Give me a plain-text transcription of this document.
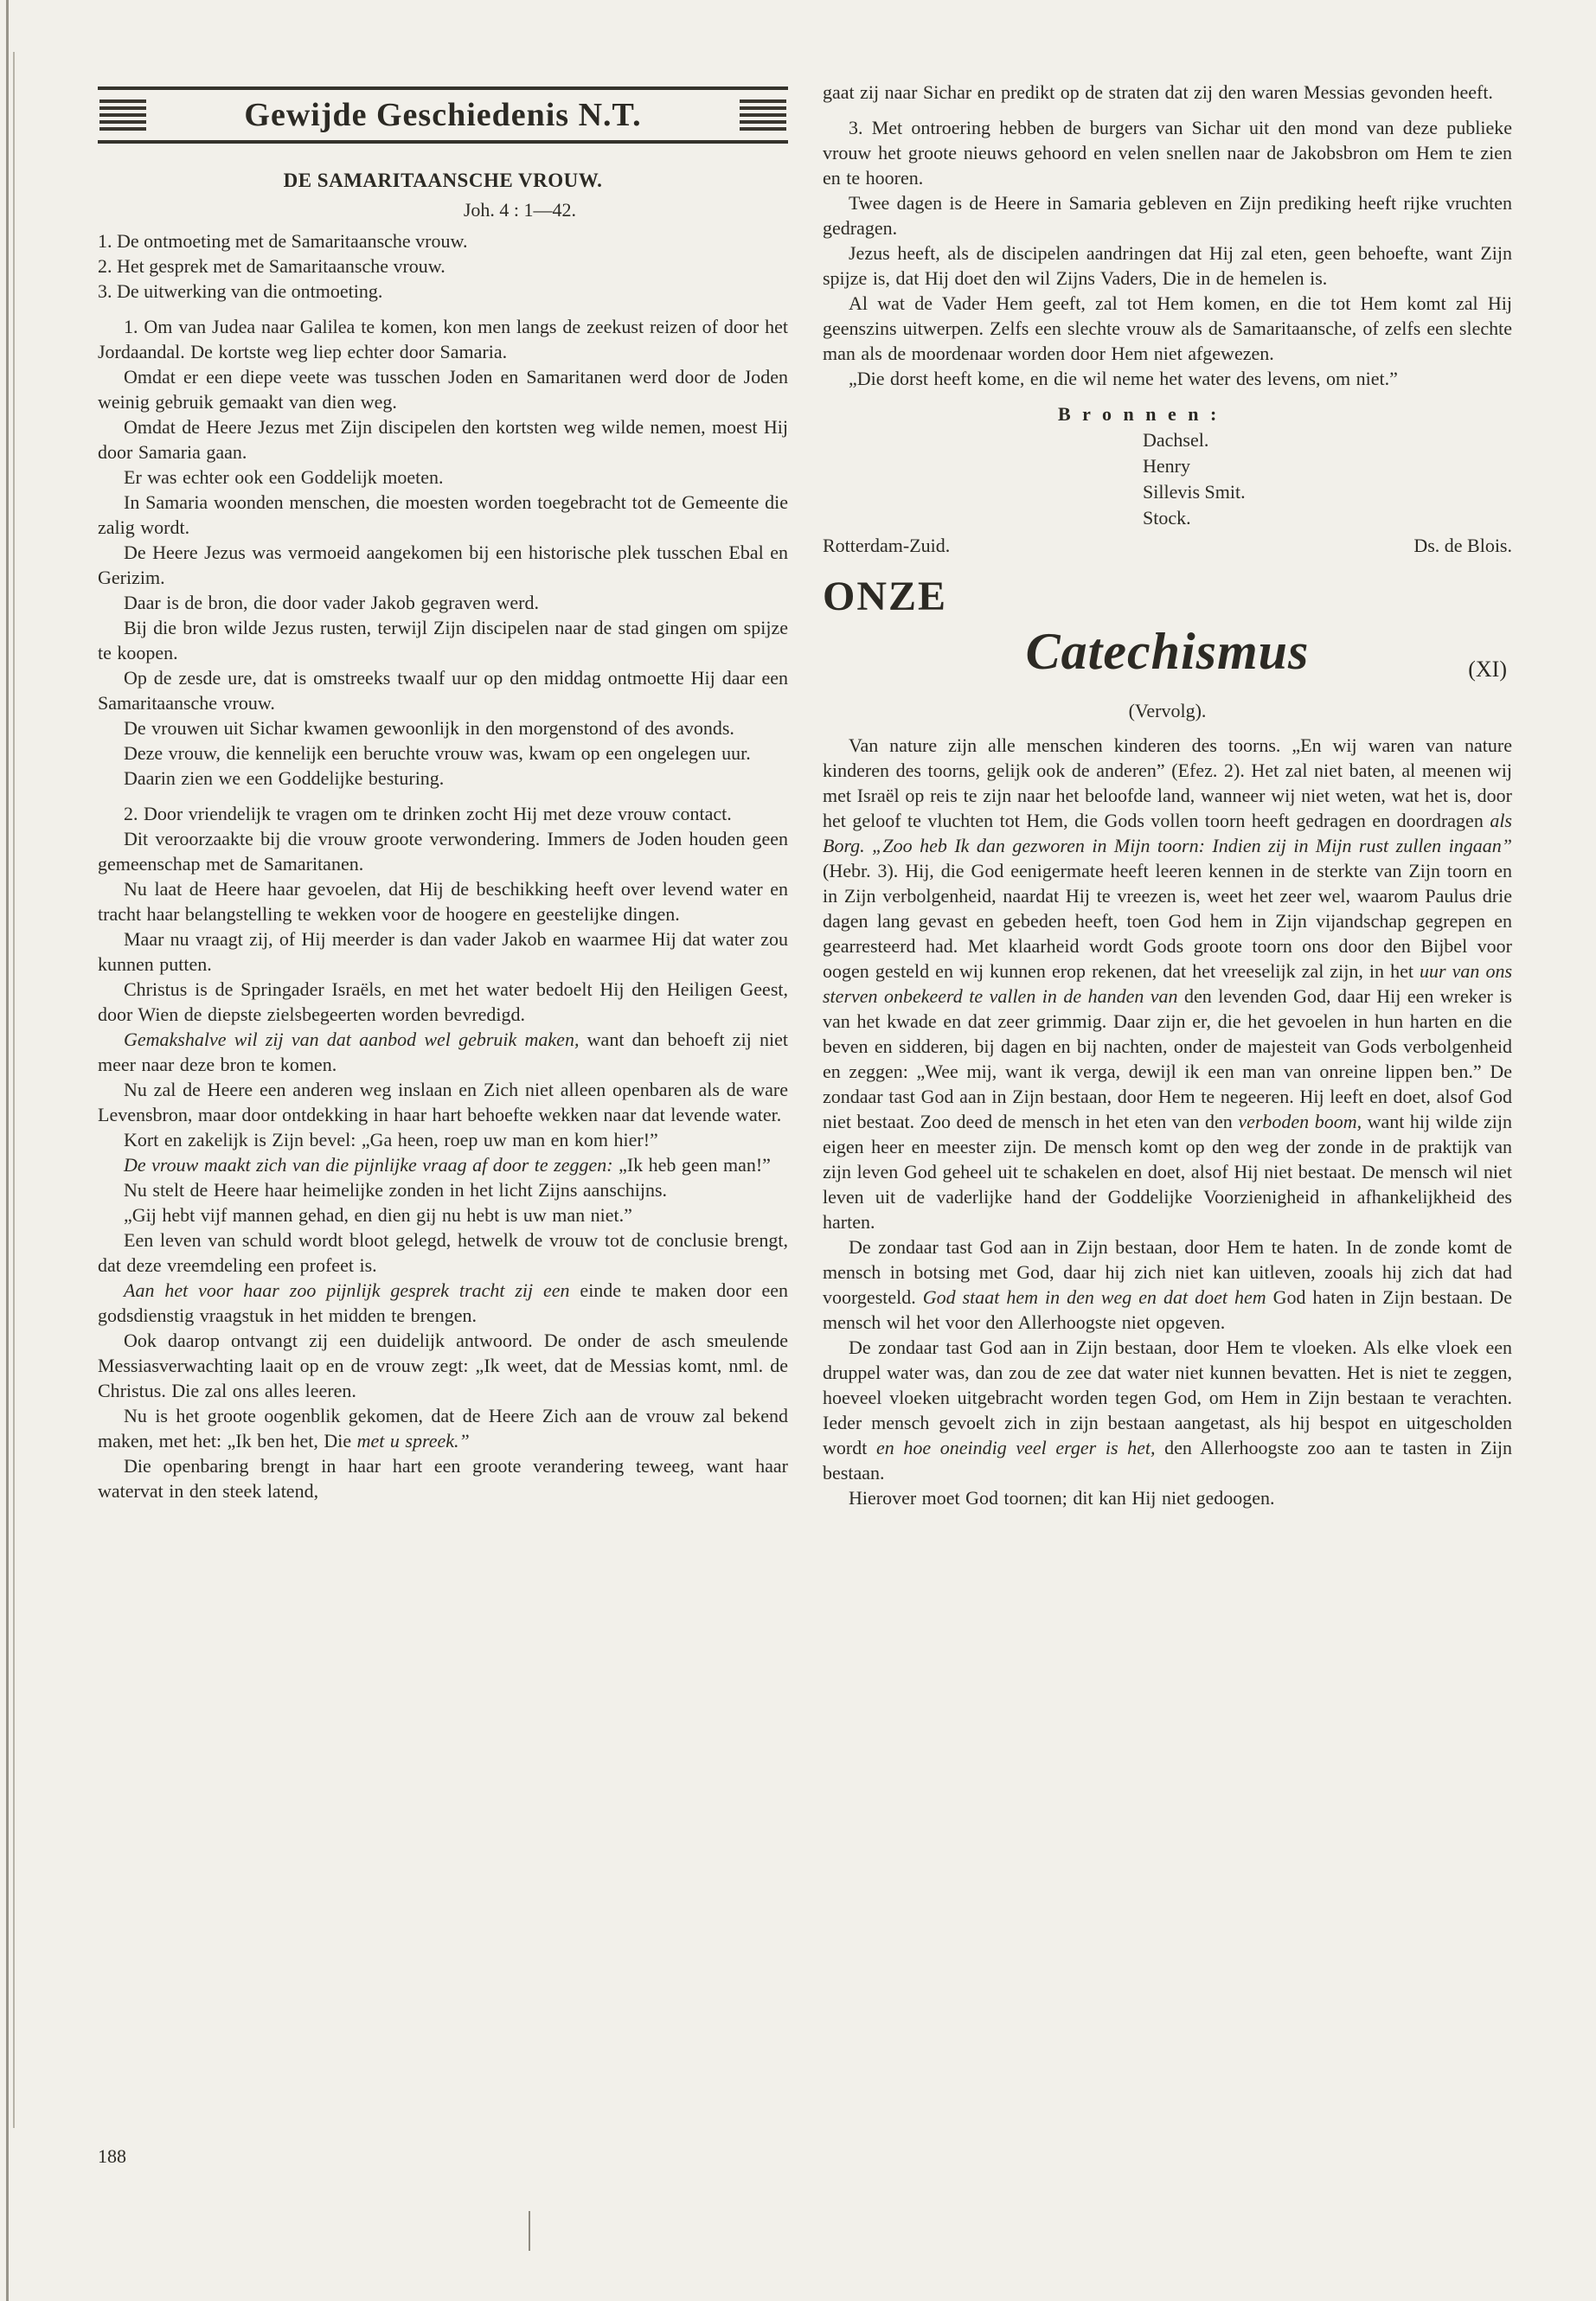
Gewijde Geschiedenis N.T.
DE SAMARITAANSCHE VROUW.
Joh. 4 : 1—42.

1. De ontmoeting met de Samaritaansche vrouw.

2. Het gesprek met de Samaritaansche vrouw.

3. De uitwerking van die ontmoeting.

1. Om van Judea naar Galilea te komen, kon men langs de zeekust reizen of door het Jordaandal. De kortste weg liep echter door Samaria.

Omdat er een diepe veete was tusschen Joden en Samaritanen werd door de Joden weinig gebruik gemaakt van dien weg.

Omdat de Heere Jezus met Zijn discipelen den kortsten weg wilde nemen, moest Hij door Samaria gaan.

Er was echter ook een Goddelijk moeten.

In Samaria woonden menschen, die moesten worden toegebracht tot de Gemeente die zalig wordt.

De Heere Jezus was vermoeid aangekomen bij een historische plek tusschen Ebal en Gerizim.

Daar is de bron, die door vader Jakob gegraven werd.

Bij die bron wilde Jezus rusten, terwijl Zijn discipelen naar de stad gingen om spijze te koopen.

Op de zesde ure, dat is omstreeks twaalf uur op den middag ontmoette Hij daar een Samaritaansche vrouw.

De vrouwen uit Sichar kwamen gewoonlijk in den morgenstond of des avonds.

Deze vrouw, die kennelijk een beruchte vrouw was, kwam op een ongelegen uur.

Daarin zien we een Goddelijke besturing.

2. Door vriendelijk te vragen om te drinken zocht Hij met deze vrouw contact.

Dit veroorzaakte bij die vrouw groote verwondering. Immers de Joden houden geen gemeenschap met de Samaritanen.

Nu laat de Heere haar gevoelen, dat Hij de beschikking heeft over levend water en tracht haar belangstelling te wekken voor de hoogere en geestelijke dingen.

Maar nu vraagt zij, of Hij meerder is dan vader Jakob en waarmee Hij dat water zou kunnen putten.

Christus is de Springader Israëls, en met het water bedoelt Hij den Heiligen Geest, door Wien de diepste zielsbegeerten worden bevredigd.

Gemakshalve wil zij van dat aanbod wel gebruik maken, want dan behoeft zij niet meer naar deze bron te komen.

Nu zal de Heere een anderen weg inslaan en Zich niet alleen openbaren als de ware Levensbron, maar door ontdekking in haar hart behoefte wekken naar dat levende water.

Kort en zakelijk is Zijn bevel: „Ga heen, roep uw man en kom hier!”

De vrouw maakt zich van die pijnlijke vraag af door te zeggen: „Ik heb geen man!”

Nu stelt de Heere haar heimelijke zonden in het licht Zijns aanschijns.

„Gij hebt vijf mannen gehad, en dien gij nu hebt is uw man niet.”

Een leven van schuld wordt bloot gelegd, hetwelk de vrouw tot de conclusie brengt, dat deze vreemdeling een profeet is.

Aan het voor haar zoo pijnlijk gesprek tracht zij een einde te maken door een godsdienstig vraagstuk in het midden te brengen.

Ook daarop ontvangt zij een duidelijk antwoord. De onder de asch smeulende Messiasverwachting laait op en de vrouw zegt: „Ik weet, dat de Messias komt, nml. de Christus. Die zal ons alles leeren.

Nu is het groote oogenblik gekomen, dat de Heere Zich aan de vrouw zal bekend maken, met het: „Ik ben het, Die met u spreek.”

Die openbaring brengt in haar hart een groote verandering teweeg, want haar watervat in den steek latend,

gaat zij naar Sichar en predikt op de straten dat zij den waren Messias gevonden heeft.

3. Met ontroering hebben de burgers van Sichar uit den mond van deze publieke vrouw het groote nieuws gehoord en velen snellen naar de Jakobsbron om Hem te zien en te hooren.

Twee dagen is de Heere in Samaria gebleven en Zijn prediking heeft rijke vruchten gedragen.

Jezus heeft, als de discipelen aandringen dat Hij zal eten, geen behoefte, want Zijn spijze is, dat Hij doet den wil Zijns Vaders, Die in de hemelen is.

Al wat de Vader Hem geeft, zal tot Hem komen, en die tot Hem komt zal Hij geenszins uitwerpen. Zelfs een slechte vrouw als de Samaritaansche, of zelfs een slechte man als de moordenaar worden door Hem niet afgewezen.

„Die dorst heeft kome, en die wil neme het water des levens, om niet.”

B r o n n e n :

Dachsel.

Henry

Sillevis Smit.

Stock.

Rotterdam-Zuid.	Ds. de Blois.
ONZE
Catechismus	(XI)
(Vervolg).

Van nature zijn alle menschen kinderen des toorns. „En wij waren van nature kinderen des toorns, gelijk ook de anderen” (Efez. 2). Het zal niet baten, al meenen wij met Israël op reis te zijn naar het beloofde land, wanneer wij niet weten, wat het is, door het geloof te vluchten tot Hem, die Gods vollen toorn heeft gedragen en doordragen als Borg. „Zoo heb Ik dan gezworen in Mijn toorn: Indien zij in Mijn rust zullen ingaan” (Hebr. 3). Hij, die God eenigermate heeft leeren kennen in de sterkte van Zijn toorn en in Zijn verbolgenheid, naardat Hij te vreezen is, weet het zeer wel, waarom Paulus drie dagen lang gevast en gebeden heeft, toen God hem in Zijn vijandschap gegrepen en gearresteerd had. Met klaarheid wordt Gods groote toorn ons door den Bijbel voor oogen gesteld en wij kunnen erop rekenen, dat het vreeselijk zal zijn, in het uur van ons sterven onbekeerd te vallen in de handen van den levenden God, daar Hij een wreker is van het kwade en dat zeer grimmig. Daar zijn er, die het gevoelen in hun harten en die beven en sidderen, bij dagen en bij nachten, onder de majesteit van Gods verbolgenheid en zeggen: „Wee mij, want ik verga, dewijl ik een man van onreine lippen ben.” De zondaar tast God aan in Zijn bestaan, door Hem te negeeren. Hij leeft en doet, alsof God niet bestaat. Zoo deed de mensch in het eten van den verboden boom, want hij wilde zijn eigen heer en meester zijn. De mensch komt op den weg der zonde in de praktijk van zijn leven God geheel uit te schakelen en doet, alsof Hij niet bestaat. De mensch wil niet leven uit de vaderlijke hand der Goddelijke Voorzienigheid in afhankelijkheid des harten.

De zondaar tast God aan in Zijn bestaan, door Hem te haten. In de zonde komt de mensch in botsing met God, daar hij zich niet kan uitleven, zooals hij zich dat had voorgesteld. God staat hem in den weg en dat doet hem God haten in Zijn bestaan. De mensch wil het voor den Allerhoogste niet opgeven.

De zondaar tast God aan in Zijn bestaan, door Hem te vloeken. Als elke vloek een druppel water was, dan zou de zee dat water niet kunnen bevatten. Het is niet te zeggen, hoeveel vloeken uitgebracht worden tegen God, om Hem in Zijn bestaan te verachten. Ieder mensch gevoelt zich in zijn bestaan aangetast, als hij bespot en uitgescholden wordt en hoe oneindig veel erger is het, den Allerhoogste zoo aan te tasten in Zijn bestaan.

Hierover moet God toornen; dit kan Hij niet gedoogen.

188
